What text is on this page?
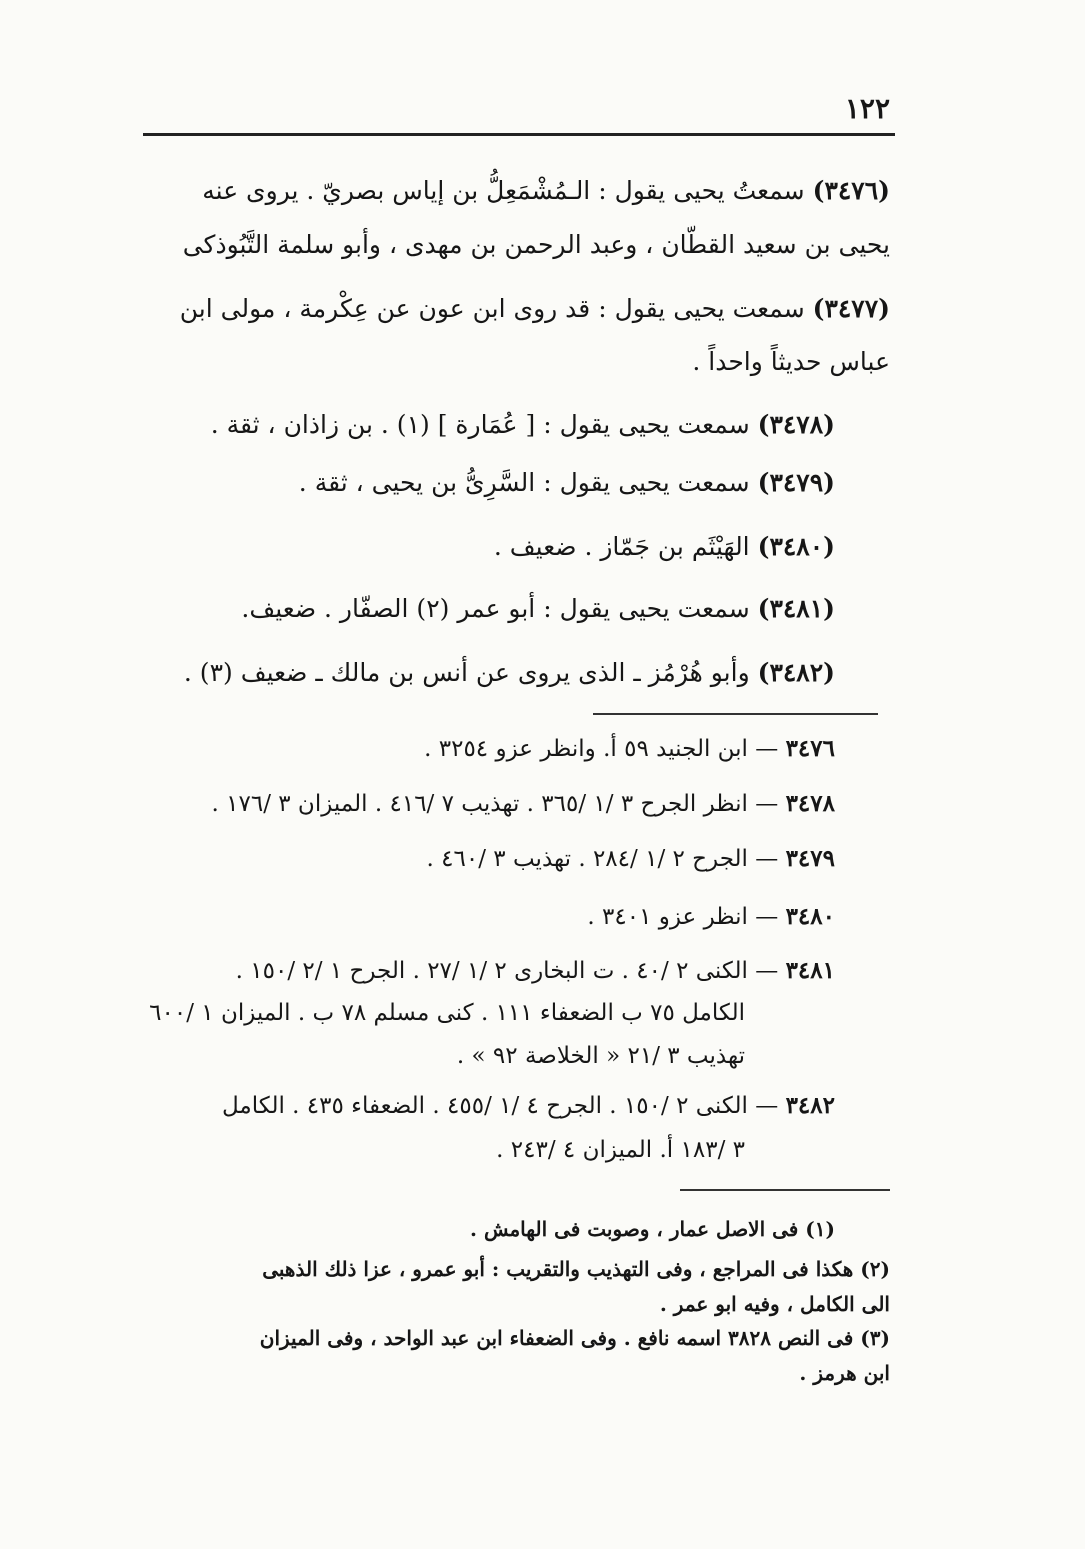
١٢٢
(٣٤٧٦) سمعتُ يحيى يقول : الـمُشْمَعِلُّ بن إياس بصريّ . يروى عنه
يحيى بن سعيد القطّان ، وعبد الرحمن بن مهدى ، وأبو سلمة التَّبُوذكى
(٣٤٧٧) سمعت يحيى يقول : قد روى ابن عون عن عِكْرمة ، مولى ابن
عباس حديثاً واحداً .
(٣٤٧٨) سمعت يحيى يقول : [ عُمَارة ] (١) . بن زاذان ، ثقة .
(٣٤٧٩) سمعت يحيى يقول : السَّرِىُّ بن يحيى ، ثقة .
(٣٤٨٠) الهَيْثَم بن جَمّاز . ضعيف .
(٣٤٨١) سمعت يحيى يقول : أبو عمر (٢) الصفّار . ضعيف.
(٣٤٨٢) وأبو هُرْمُز ـ الذى يروى عن أنس بن مالك ـ ضعيف (٣) .
٣٤٧٦ — ابن الجنيد ٥٩ أ. وانظر عزو ٣٢٥٤ .
٣٤٧٨ — انظر الجرح ٣ /١ /٣٦٥ . تهذيب ٧ /٤١٦ . الميزان ٣ /١٧٦ .
٣٤٧٩ — الجرح ٢ /١ /٢٨٤ . تهذيب ٣ /٤٦٠ .
٣٤٨٠ — انظر عزو ٣٤٠١ .
٣٤٨١ — الكنى ٢ /٤٠ . ت البخارى ٢ /١ /٢٧ . الجرح ١ /٢ /١٥٠ .
الكامل ٧٥ ب الضعفاء ١١١ . كنى مسلم ٧٨ ب . الميزان ١ /٦٠٠
تهذيب ٣ /٢١ « الخلاصة ٩٢ » .
٣٤٨٢ — الكنى ٢ /١٥٠ . الجرح ٤ /١ /٤٥٥ . الضعفاء ٤٣٥ . الكامل
٣ /١٨٣ أ. الميزان ٤ /٢٤٣ .
(١) فى الاصل عمار ، وصوبت فى الهامش .
(٢) هكذا فى المراجع ، وفى التهذيب والتقريب : أبو عمرو ، عزا ذلك الذهبى
الى الكامل ، وفيه ابو عمر .
(٣) فى النص ٣٨٢٨ اسمه نافع . وفى الضعفاء ابن عبد الواحد ، وفى الميزان
ابن هرمز .
